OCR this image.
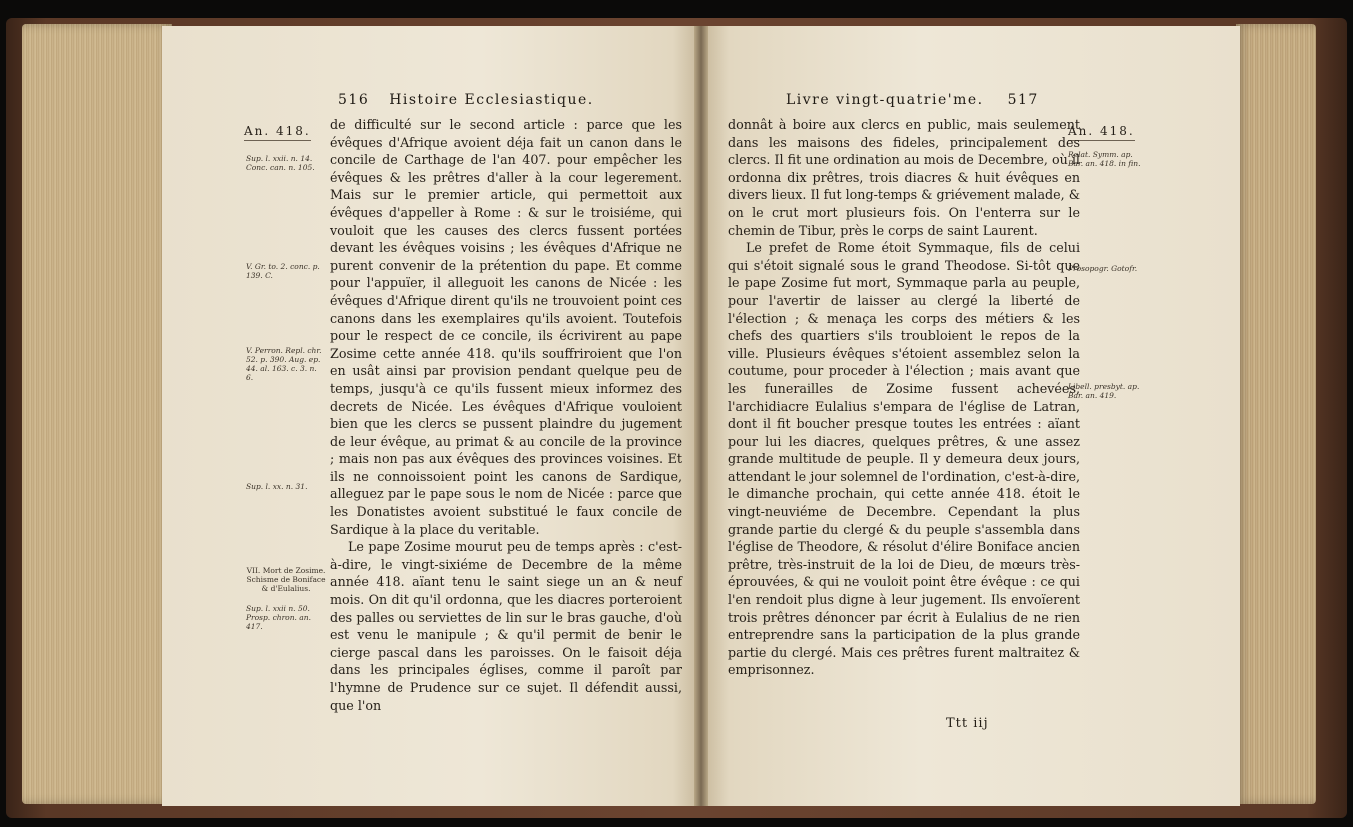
516 Histoire Ecclesiastique.
An. 418.
Sup. l. xxii. n. 14. Conc. can. n. 105.
V. Gr. to. 2. conc. p. 139. C.
V. Perron. Repl. chr. 52. p. 390. Aug. ep. 44. al. 163. c. 3. n. 6.
Sup. l. xx. n. 31.
VII. Mort de Zosime. Schisme de Boniface & d'Eulalius.
Sup. l. xxii n. 50. Prosp. chron. an. 417.

de difficulté sur le second article : parce que les évêques d'Afrique avoient déja fait un canon dans le concile de Carthage de l'an 407. pour empêcher les évêques & les prêtres d'aller à la cour legerement. Mais sur le premier article, qui permettoit aux évêques d'appeller à Rome : & sur le troisiéme, qui vouloit que les causes des clercs fussent portées devant les évêques voisins ; les évêques d'Afrique ne purent convenir de la prétention du pape. Et comme pour l'appuïer, il alleguoit les canons de Nicée : les évêques d'Afrique dirent qu'ils ne trouvoient point ces canons dans les exemplaires qu'ils avoient. Toutefois pour le respect de ce concile, ils écrivirent au pape Zosime cette année 418. qu'ils souffriroient que l'on en usât ainsi par provision pendant quelque peu de temps, jusqu'à ce qu'ils fussent mieux informez des decrets de Nicée. Les évêques d'Afrique vouloient bien que les clercs se pussent plaindre du jugement de leur évêque, au primat & au concile de la province ; mais non pas aux évêques des provinces voisines. Et ils ne connoissoient point les canons de Sardique, alleguez par le pape sous le nom de Nicée : parce que les Donatistes avoient substitué le faux concile de Sardique à la place du veritable.

Le pape Zosime mourut peu de temps après : c'est-à-dire, le vingt-sixiéme de Decembre de la même année 418. aïant tenu le saint siege un an & neuf mois. On dit qu'il ordonna, que les diacres porteroient des palles ou serviettes de lin sur le bras gauche, d'où est venu le manipule ; & qu'il permit de benir le cierge pascal dans les paroisses. On le faisoit déja dans les principales églises, comme il paroît par l'hymne de Prudence sur ce sujet. Il défendit aussi, que l'on

Livre vingt-quatrie'me. 517
An. 418.
Relat. Symm. ap. Bar. an. 418. in fin.
Prosopogr. Gotofr.
Libell. presbyt. ap. Bar. an. 419.

donnât à boire aux clercs en public, mais seulement dans les maisons des fideles, principalement des clercs. Il fit une ordination au mois de Decembre, où il ordonna dix prêtres, trois diacres & huit évêques en divers lieux. Il fut long-temps & griévement malade, & on le crut mort plusieurs fois. On l'enterra sur le chemin de Tibur, près le corps de saint Laurent.

Le prefet de Rome étoit Symmaque, fils de celui qui s'étoit signalé sous le grand Theodose. Si-tôt que le pape Zosime fut mort, Symmaque parla au peuple, pour l'avertir de laisser au clergé la liberté de l'élection ; & menaça les corps des métiers & les chefs des quartiers s'ils troubloient le repos de la ville. Plusieurs évêques s'étoient assemblez selon la coutume, pour proceder à l'élection ; mais avant que les funerailles de Zosime fussent achevées, l'archidiacre Eulalius s'empara de l'église de Latran, dont il fit boucher presque toutes les entrées : aïant pour lui les diacres, quelques prêtres, & une assez grande multitude de peuple. Il y demeura deux jours, attendant le jour solemnel de l'ordination, c'est-à-dire, le dimanche prochain, qui cette année 418. étoit le vingt-neuviéme de Decembre. Cependant la plus grande partie du clergé & du peuple s'assembla dans l'église de Theodore, & résolut d'élire Boniface ancien prêtre, très-instruit de la loi de Dieu, de mœurs très-éprouvées, & qui ne vouloit point être évêque : ce qui l'en rendoit plus digne à leur jugement. Ils envoïerent trois prêtres dénoncer par écrit à Eulalius de ne rien entreprendre sans la participation de la plus grande partie du clergé. Mais ces prêtres furent maltraitez & emprisonnez.

Ttt iij
